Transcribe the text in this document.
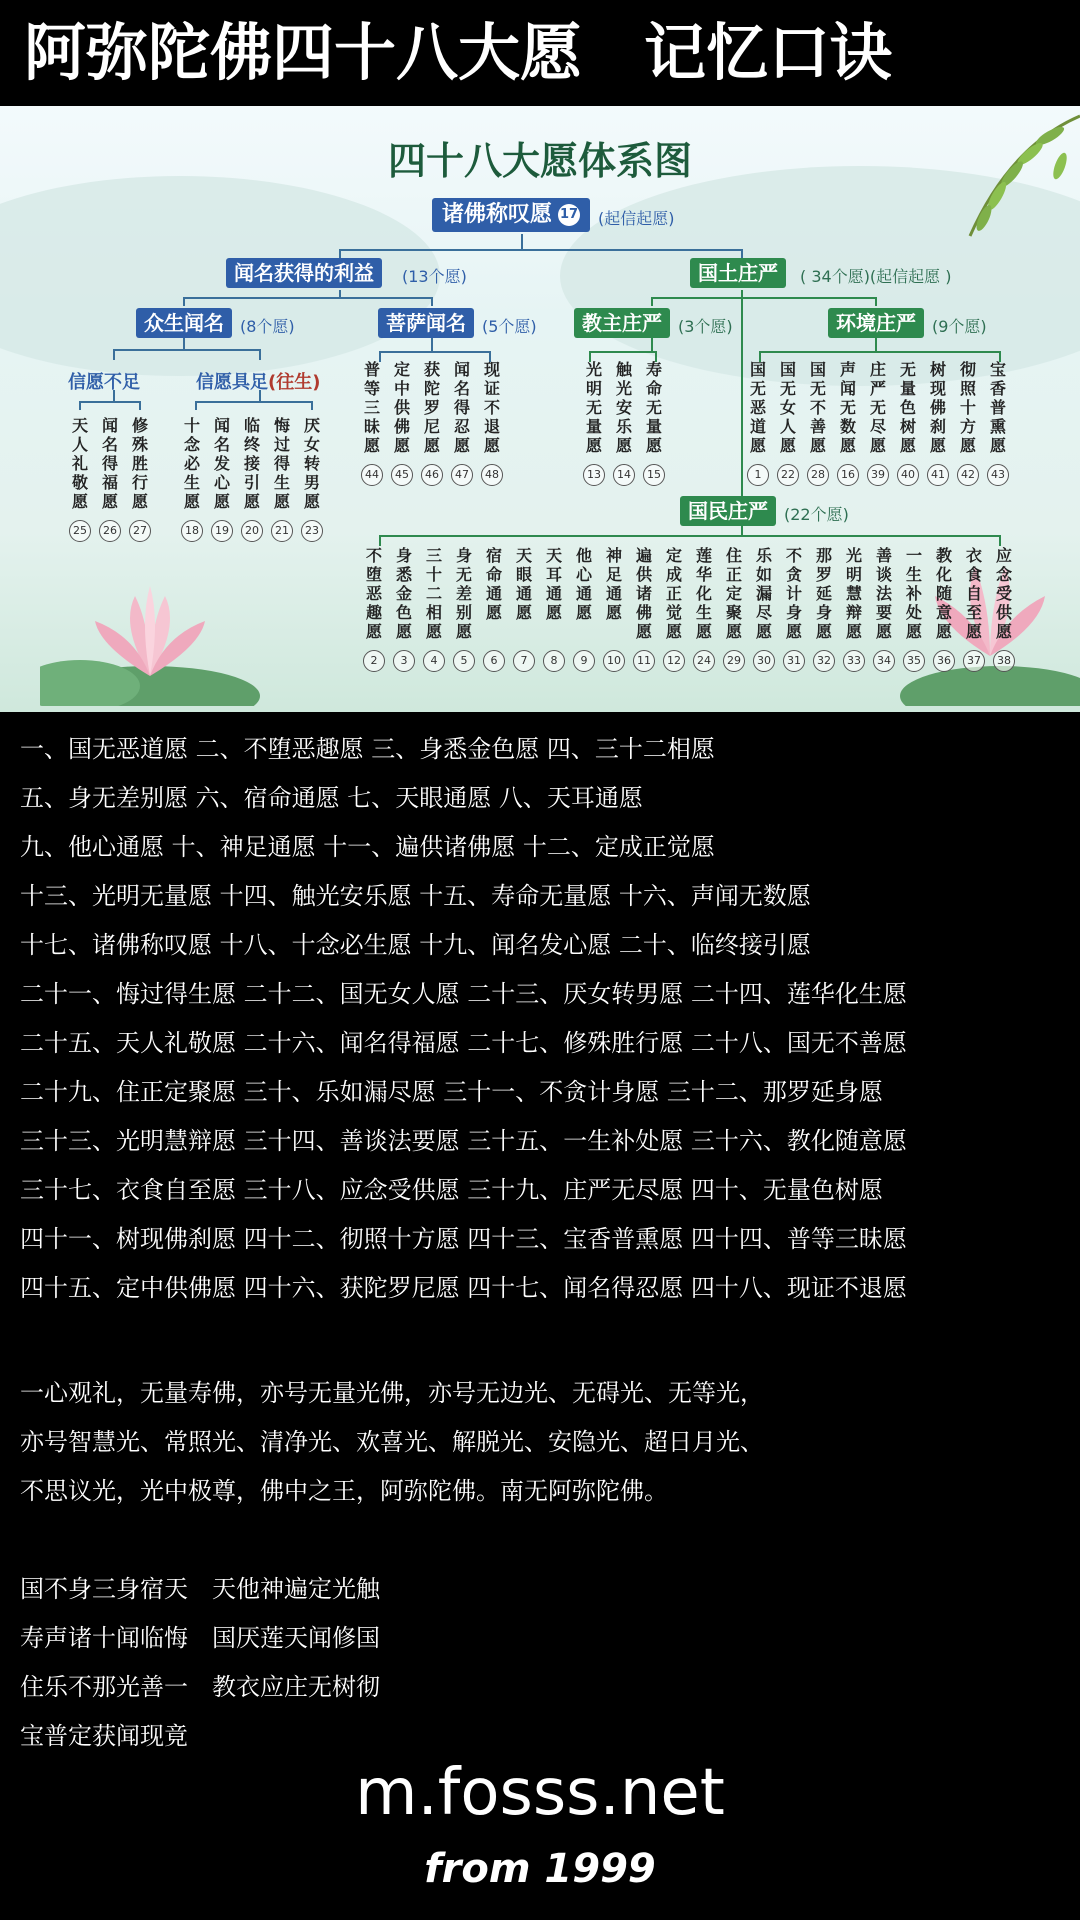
阿弥陀佛四十八大愿　记忆口诀
四十八大愿体系图
诸佛称叹愿 17	(起信起愿)
闻名获得的利益	(13个愿)	国土庄严	( 34个愿)(起信起愿 )
众生闻名	(8个愿)	菩萨闻名	(5个愿)	教主庄严	(3个愿)	环境庄严	(9个愿)
信愿不足	信愿具足(往生)
国民庄严	(22个愿)
天
人
礼
敬
愿
25
闻
名
得
福
愿
26
修
殊
胜
行
愿
27
十
念
必
生
愿
18
闻
名
发
心
愿
19
临
终
接
引
愿
20
悔
过
得
生
愿
21
厌
女
转
男
愿
23
普
等
三
昧
愿
44
定
中
供
佛
愿
45
获
陀
罗
尼
愿
46
闻
名
得
忍
愿
47
现
证
不
退
愿
48
光
明
无
量
愿
13
触
光
安
乐
愿
14
寿
命
无
量
愿
15
国
无
恶
道
愿
1
国
无
女
人
愿
22
国
无
不
善
愿
28
声
闻
无
数
愿
16
庄
严
无
尽
愿
39
无
量
色
树
愿
40
树
现
佛
刹
愿
41
彻
照
十
方
愿
42
宝
香
普
熏
愿
43
不
堕
恶
趣
愿
2
身
悉
金
色
愿
3
三
十
二
相
愿
4
身
无
差
别
愿
5
宿
命
通
愿
6
天
眼
通
愿
7
天
耳
通
愿
8
他
心
通
愿
9
神
足
通
愿
10
遍
供
诸
佛
愿
11
定
成
正
觉
愿
12
莲
华
化
生
愿
24
住
正
定
聚
愿
29
乐
如
漏
尽
愿
30
不
贪
计
身
愿
31
那
罗
延
身
愿
32
光
明
慧
辩
愿
33
善
谈
法
要
愿
34
一
生
补
处
愿
35
教
化
随
意
愿
36
衣
食
自
至
愿
37
应
念
受
供
愿
38
一、国无恶道愿 二、不堕恶趣愿 三、身悉金色愿 四、三十二相愿
五、身无差别愿 六、宿命通愿 七、天眼通愿 八、天耳通愿
九、他心通愿 十、神足通愿 十一、遍供诸佛愿 十二、定成正觉愿
十三、光明无量愿 十四、触光安乐愿 十五、寿命无量愿 十六、声闻无数愿
十七、诸佛称叹愿 十八、十念必生愿 十九、闻名发心愿 二十、临终接引愿
二十一、悔过得生愿 二十二、国无女人愿 二十三、厌女转男愿 二十四、莲华化生愿
二十五、天人礼敬愿 二十六、闻名得福愿 二十七、修殊胜行愿 二十八、国无不善愿
二十九、住正定聚愿 三十、乐如漏尽愿 三十一、不贪计身愿 三十二、那罗延身愿
三十三、光明慧辩愿 三十四、善谈法要愿 三十五、一生补处愿 三十六、教化随意愿
三十七、衣食自至愿 三十八、应念受供愿 三十九、庄严无尽愿 四十、无量色树愿
四十一、树现佛刹愿 四十二、彻照十方愿 四十三、宝香普熏愿 四十四、普等三昧愿
四十五、定中供佛愿 四十六、获陀罗尼愿 四十七、闻名得忍愿 四十八、现证不退愿
一心观礼，无量寿佛，亦号无量光佛，亦号无边光、无碍光、无等光，
亦号智慧光、常照光、清净光、欢喜光、解脱光、安隐光、超日月光、
不思议光，光中极尊，佛中之王，阿弥陀佛。南无阿弥陀佛。
国不身三身宿天　天他神遍定光触
寿声诸十闻临悔　国厌莲天闻修国
住乐不那光善一　教衣应庄无树彻
宝普定获闻现竟
m.fosss.net
from 1999
